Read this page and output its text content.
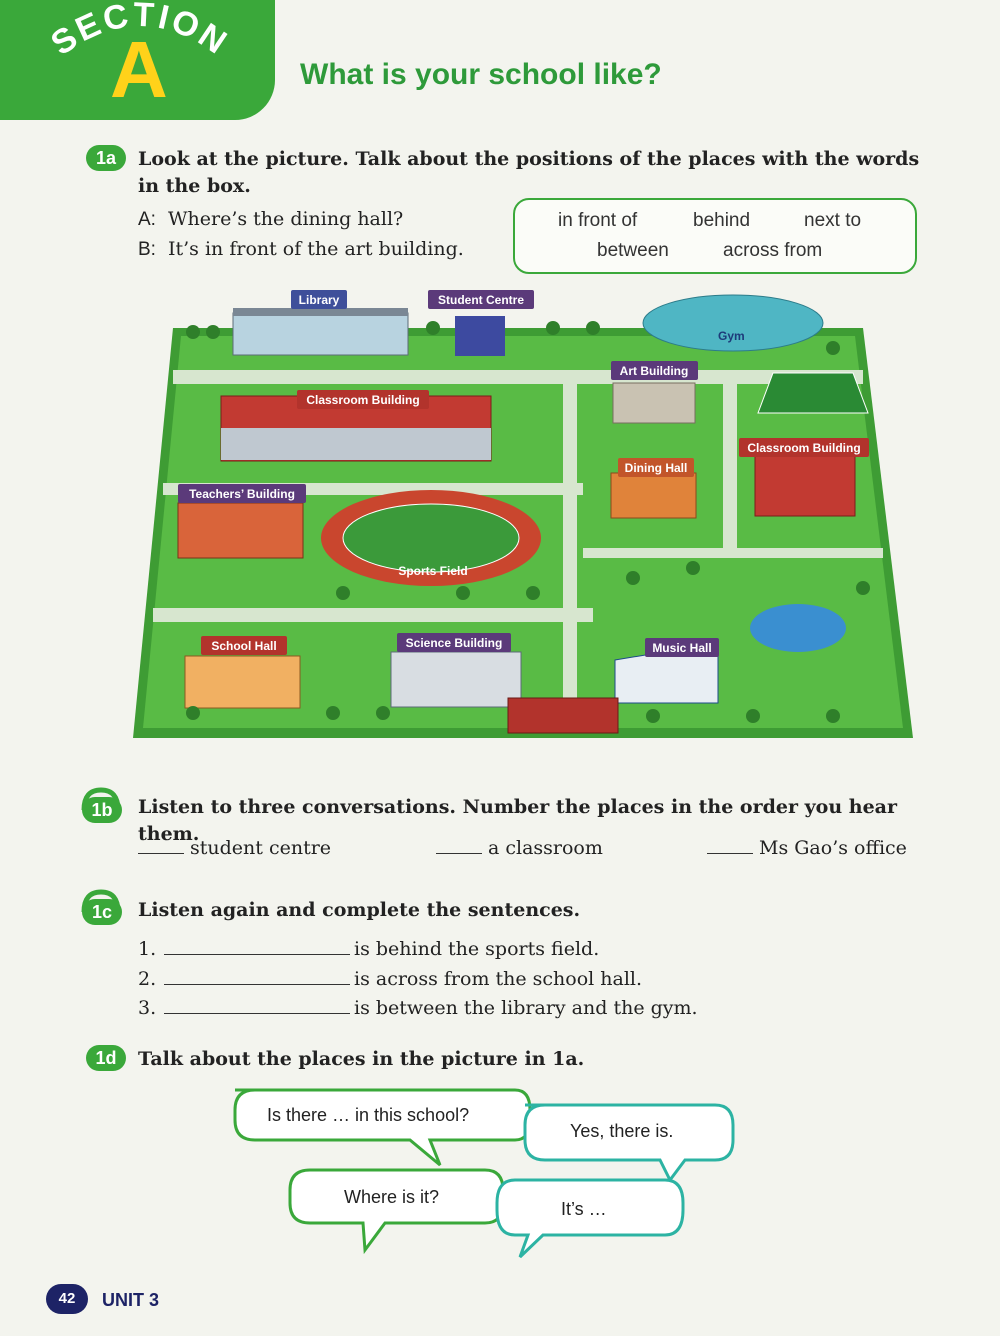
SECTION
A	What is your school like?
1a	Look at the picture. Talk about the positions of the places with the words in the box.
A: Where’s the dining hall?
B: It’s in front of the art building.
in front of	behind	next to
between	across from
Library	Student Centre
Gym
Art Building
Classroom Building
Classroom Building
Dining Hall
Teachers’ Building
Sports Field
School Hall	Science Building	Music Hall
1b	Listen to three conversations. Number the places in the order you hear them.
student centre	a classroom	Ms Gao’s office
1c	Listen again and complete the sentences.
1.	is behind the sports field.
2.	is across from the school hall.
3.	is between the library and the gym.
1d	Talk about the places in the picture in 1a.
Is there … in this school?
Yes, there is.
Where is it?
It’s …
42	UNIT 3
